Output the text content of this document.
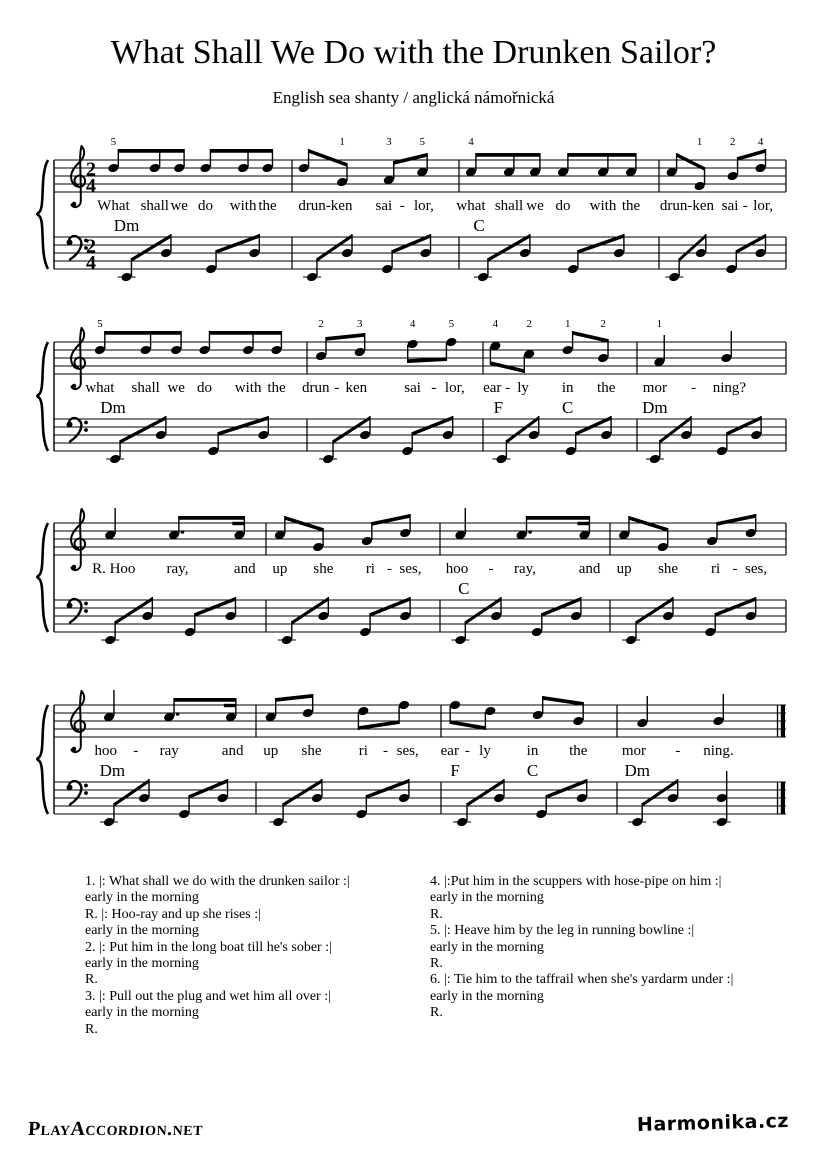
What Shall We Do with the Drunken Sailor?
English sea shanty / anglická námořnická
2
4
2
4
5
What shall we do with the
Dm
1	3	5
drun-ken sai - lor,
4
what shall we do with the
C
1	2 4
drun-ken sai - lor,
5
what shall we do with the
Dm
2	3	4	5
drun - ken sai - lor,
4	2	1	2
ear - ly in the
F	C
1
mor - ning?
Dm
R. Hoo ray,	and up she ri - ses, hoo - ray,	and
C
up she ri - ses,
hoo - ray	and
Dm
up she ri - ses, ear - ly in the
F	C
mor - ning.
Dm
1. |: What shall we do with the drunken sailor :|
early in the morning
R. |: Hoo-ray and up she rises :|
early in the morning
2. |: Put him in the long boat till he's sober :|
early in the morning
R.
3. |: Pull out the plug and wet him all over :|
early in the morning
R.
4. |:Put him in the scuppers with hose-pipe on him :|
early in the morning
R.
5. |: Heave him by the leg in running bowline :|
early in the morning
R.
6. |: Tie him to the taffrail when she's yardarm under :|
early in the morning
R.
PlayAccordion.net	Harmonika.cz
